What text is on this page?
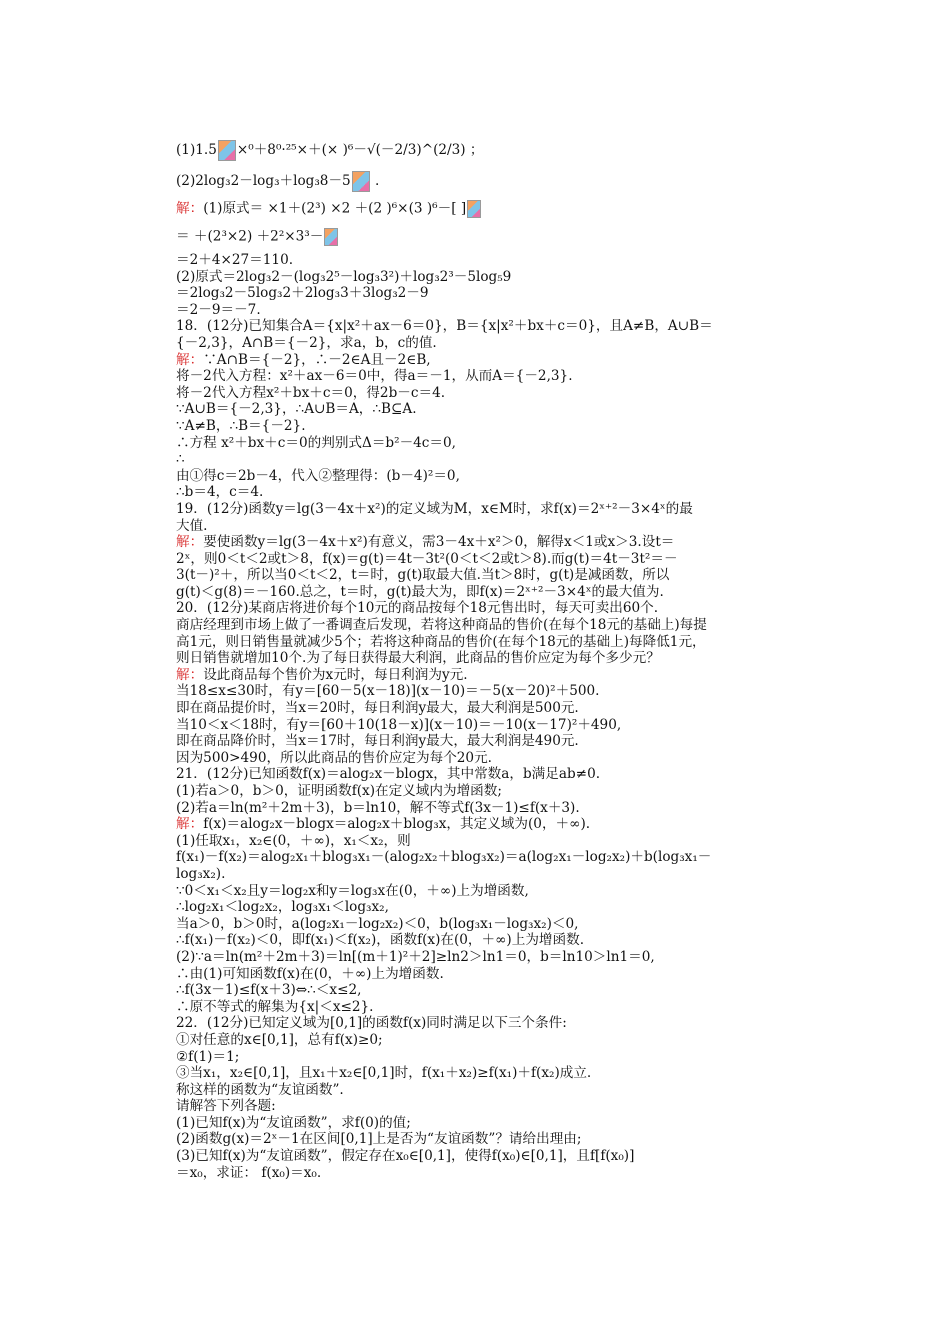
(1)1.5 ×⁰＋8⁰·²⁵×＋(× )⁶－√(－2/3)^(2/3) ；
(2)2log₃2－log₃＋log₃8－5 .
解：(1)原式＝ ×1＋(2³) ×2 ＋(2 )⁶×(3 )⁶－[ ]
＝ ＋(2³×2) ＋2²×3³－
＝2＋4×27＝110.
(2)原式＝2log₃2－(log₃2⁵－log₃3²)＋log₃2³－5log₅9
＝2log₃2－5log₃2＋2log₃3＋3log₃2－9
＝2－9＝－7.
18．(12分)已知集合A＝{x|x²＋ax－6＝0}，B＝{x|x²＋bx＋c＝0}，且A≠B，A∪B＝
{－2,3}，A∩B＝{－2}，求a，b，c的值.
解：∵A∩B＝{－2}，∴－2∈A且－2∈B,
将－2代入方程：x²＋ax－6＝0中，得a＝－1，从而A＝{－2,3}.
将－2代入方程x²＋bx＋c＝0，得2b－c＝4.
∵A∪B＝{－2,3}，∴A∪B＝A，∴B⊆A.
∵A≠B，∴B＝{－2}.
∴方程 x²＋bx＋c＝0的判别式Δ＝b²－4c＝0,
∴
由①得c＝2b－4，代入②整理得：(b－4)²＝0,
∴b＝4，c＝4.
19．(12分)函数y＝lg(3－4x＋x²)的定义域为M，x∈M时，求f(x)＝2ˣ⁺²－3×4ˣ的最
大值.
解：要使函数y＝lg(3－4x＋x²)有意义，需3－4x＋x²＞0，解得x＜1或x＞3.设t＝
2ˣ，则0＜t＜2或t＞8，f(x)＝g(t)＝4t－3t²(0＜t＜2或t＞8).而g(t)＝4t－3t²＝－
3(t－)²＋，所以当0＜t＜2，t＝时，g(t)取最大值.当t＞8时，g(t)是减函数，所以
g(t)＜g(8)＝－160.总之，t＝时，g(t)最大为，即f(x)＝2ˣ⁺²－3×4ˣ的最大值为.
20．(12分)某商店将进价每个10元的商品按每个18元售出时，每天可卖出60个.
商店经理到市场上做了一番调查后发现，若将这种商品的售价(在每个18元的基础上)每提
高1元，则日销售量就减少5个；若将这种商品的售价(在每个18元的基础上)每降低1元，
则日销售就增加10个.为了每日获得最大利润，此商品的售价应定为每个多少元？
解：设此商品每个售价为x元时，每日利润为y元.
当18≤x≤30时，有y＝[60－5(x－18)](x－10)＝－5(x－20)²＋500.
即在商品提价时，当x＝20时，每日利润y最大，最大利润是500元.
当10＜x＜18时，有y＝[60＋10(18－x)](x－10)＝－10(x－17)²＋490,
即在商品降价时，当x＝17时，每日利润y最大，最大利润是490元.
因为500>490，所以此商品的售价应定为每个20元.
21．(12分)已知函数f(x)＝alog₂x－blogx，其中常数a，b满足ab≠0.
(1)若a＞0，b＞0，证明函数f(x)在定义域内为增函数;
(2)若a＝ln(m²＋2m＋3)，b＝ln10，解不等式f(3x－1)≤f(x＋3).
解：f(x)＝alog₂x－blogx＝alog₂x＋blog₃x，其定义域为(0，＋∞).
(1)任取x₁，x₂∈(0，＋∞)，x₁＜x₂，则
f(x₁)－f(x₂)＝alog₂x₁＋blog₃x₁－(alog₂x₂＋blog₃x₂)＝a(log₂x₁－log₂x₂)＋b(log₃x₁－
log₃x₂).
∵0＜x₁＜x₂且y＝log₂x和y＝log₃x在(0，＋∞)上为增函数,
∴log₂x₁＜log₂x₂，log₃x₁＜log₃x₂,
当a＞0，b＞0时，a(log₂x₁－log₂x₂)＜0，b(log₃x₁－log₃x₂)＜0,
∴f(x₁)－f(x₂)＜0，即f(x₁)＜f(x₂)，函数f(x)在(0，＋∞)上为增函数.
(2)∵a＝ln(m²＋2m＋3)＝ln[(m＋1)²＋2]≥ln2＞ln1＝0，b＝ln10＞ln1＝0,
∴由(1)可知函数f(x)在(0，＋∞)上为增函数.
∴f(3x－1)≤f(x＋3)⇔∴＜x≤2,
∴原不等式的解集为{x|＜x≤2}.
22．(12分)已知定义域为[0,1]的函数f(x)同时满足以下三个条件:
①对任意的x∈[0,1]，总有f(x)≥0;
②f(1)＝1;
③当x₁，x₂∈[0,1]，且x₁＋x₂∈[0,1]时，f(x₁＋x₂)≥f(x₁)＋f(x₂)成立.
称这样的函数为“友谊函数”.
请解答下列各题:
(1)已知f(x)为“友谊函数”，求f(0)的值;
(2)函数g(x)＝2ˣ－1在区间[0,1]上是否为“友谊函数”？请给出理由;
(3)已知f(x)为“友谊函数”，假定存在x₀∈[0,1]，使得f(x₀)∈[0,1]，且f[f(x₀)]
＝x₀，求证： f(x₀)＝x₀.
